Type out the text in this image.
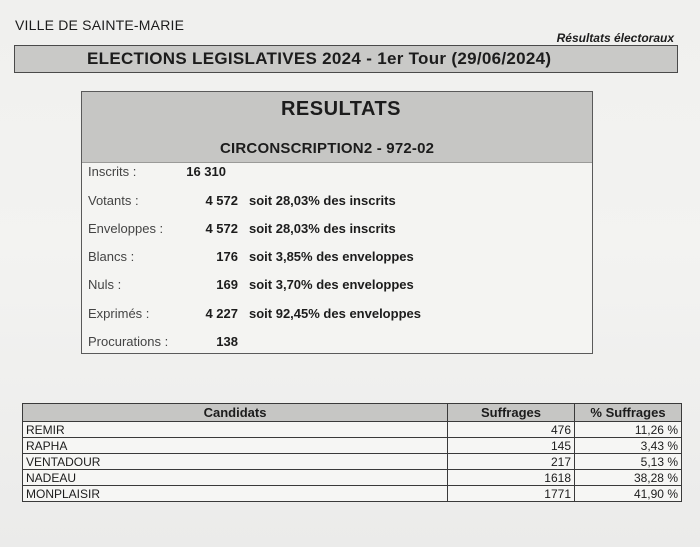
VILLE DE SAINTE-MARIE
Résultats électoraux
ELECTIONS LEGISLATIVES 2024 - 1er Tour (29/06/2024)
RESULTATS
CIRCONSCRIPTION2 - 972-02
Inscrits :	16 310
Votants :	4 572 soit 28,03% des inscrits
Enveloppes :	4 572 soit 28,03% des inscrits
Blancs :	176 soit 3,85% des enveloppes
Nuls :	169 soit 3,70% des enveloppes
Exprimés :	4 227 soit 92,45% des enveloppes
Procurations :	138
Candidats	Suffrages	% Suffrages
REMIR	476	11,26 %
RAPHA	145	3,43 %
VENTADOUR	217	5,13 %
NADEAU	1618	38,28 %
MONPLAISIR	1771	41,90 %
